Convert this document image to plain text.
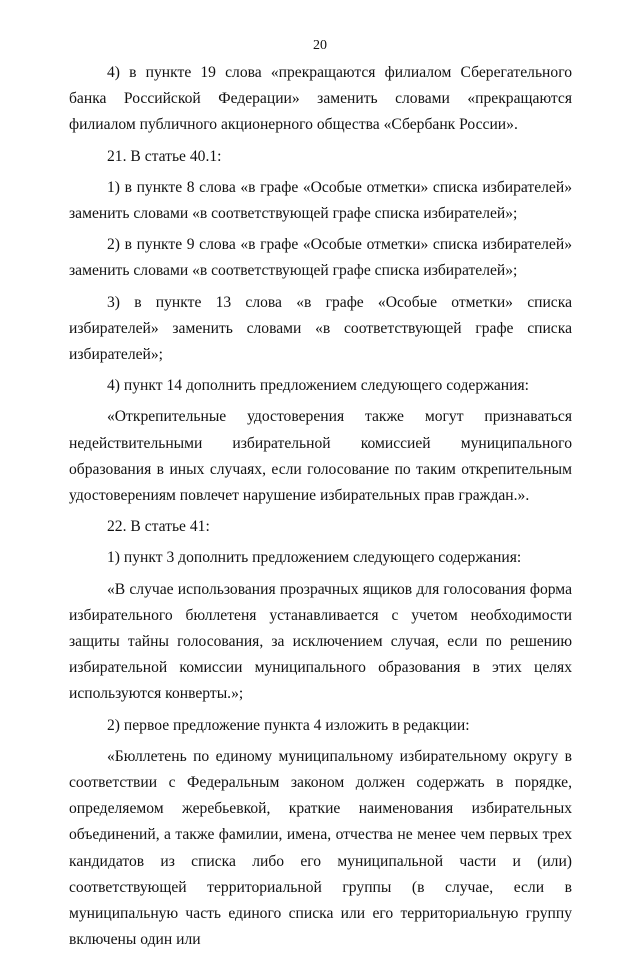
20

4) в пункте 19 слова «прекращаются филиалом Сберегательного банка Российской Федерации» заменить словами «прекращаются филиалом публичного акционерного общества «Сбербанк России».

21. В статье 40.1:

1) в пункте 8 слова «в графе «Особые отметки» списка избирателей» заменить словами «в соответствующей графе списка избирателей»;

2) в пункте 9 слова «в графе «Особые отметки» списка избирателей» заменить словами «в соответствующей графе списка избирателей»;

3) в пункте 13 слова «в графе «Особые отметки» списка избирателей» заменить словами «в соответствующей графе списка избирателей»;

4) пункт 14 дополнить предложением следующего содержания:

«Открепительные удостоверения также могут признаваться недействительными избирательной комиссией муниципального образования в иных случаях, если голосование по таким открепительным удостоверениям повлечет нарушение избирательных прав граждан.».

22. В статье 41:

1) пункт 3 дополнить предложением следующего содержания:

«В случае использования прозрачных ящиков для голосования форма избирательного бюллетеня устанавливается с учетом необходимости защиты тайны голосования, за исключением случая, если по решению избирательной комиссии муниципального образования в этих целях используются конверты.»;

2) первое предложение пункта 4 изложить в редакции:

«Бюллетень по единому муниципальному избирательному округу в соответствии с Федеральным законом должен содержать в порядке, определяемом жеребьевкой, краткие наименования избирательных объединений, а также фамилии, имена, отчества не менее чем первых трех кандидатов из списка либо его муниципальной части и (или) соответствующей территориальной группы (в случае, если в муниципальную часть единого списка или его территориальную группу включены один или
